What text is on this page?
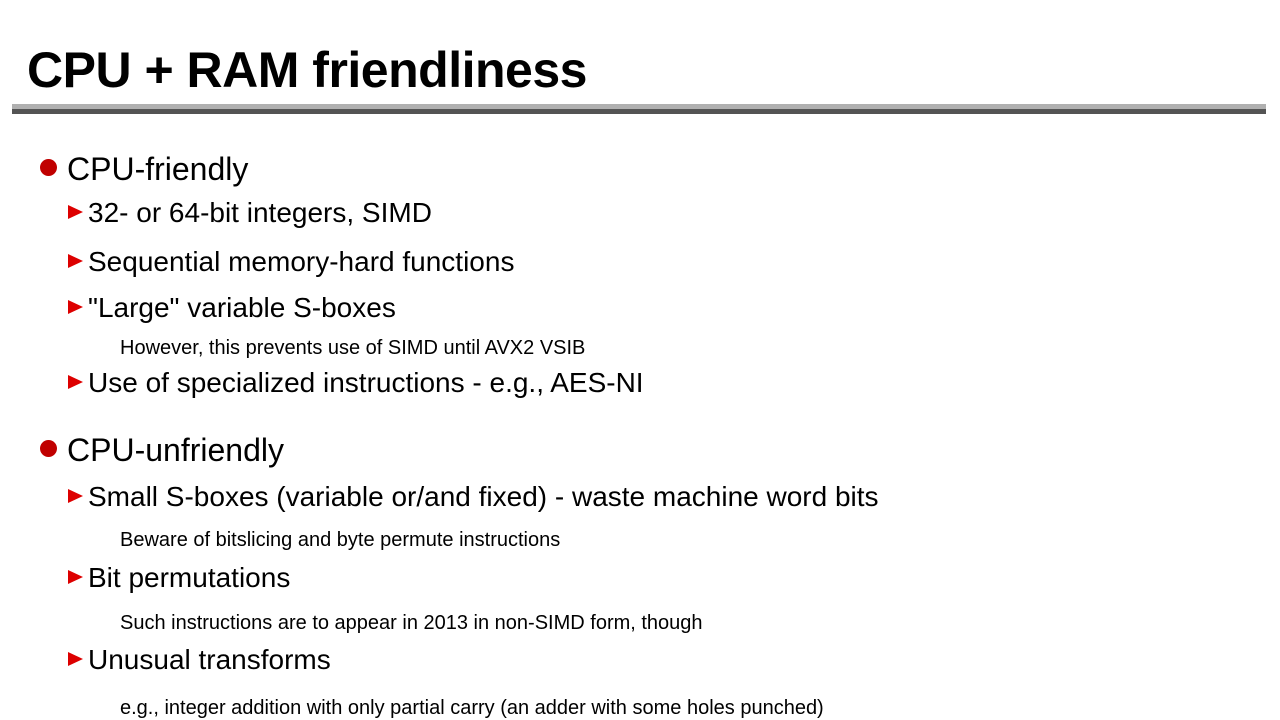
CPU + RAM friendliness
CPU-friendly
32- or 64-bit integers, SIMD
Sequential memory-hard functions
"Large" variable S-boxes
However, this prevents use of SIMD until AVX2 VSIB
Use of specialized instructions - e.g., AES-NI
CPU-unfriendly
Small S-boxes (variable or/and fixed) - waste machine word bits
Beware of bitslicing and byte permute instructions
Bit permutations
Such instructions are to appear in 2013 in non-SIMD form, though
Unusual transforms
e.g., integer addition with only partial carry (an adder with some holes punched)
